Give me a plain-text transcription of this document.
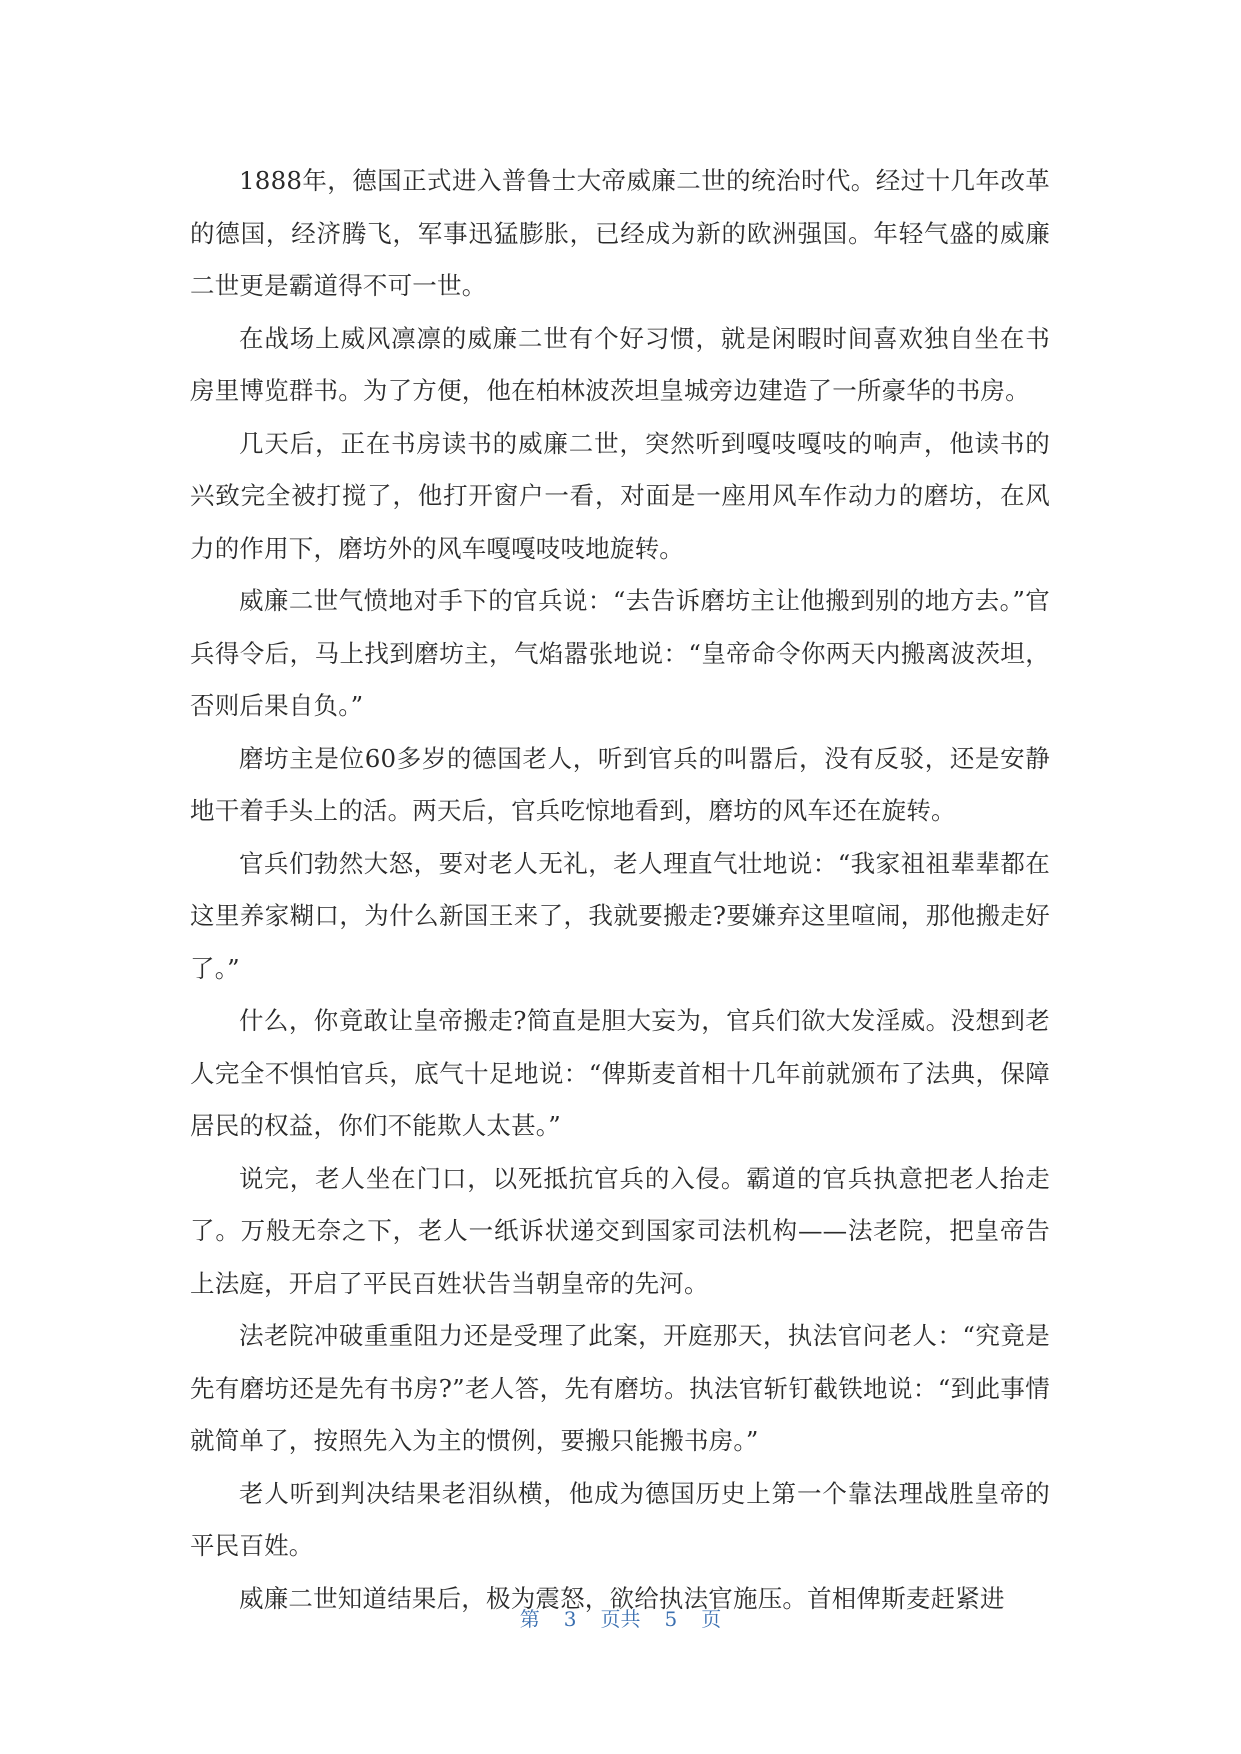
1888年，德国正式进入普鲁士大帝威廉二世的统治时代。经过十几年改革的德国，经济腾飞，军事迅猛膨胀，已经成为新的欧洲强国。年轻气盛的威廉二世更是霸道得不可一世。

在战场上威风凛凛的威廉二世有个好习惯，就是闲暇时间喜欢独自坐在书房里博览群书。为了方便，他在柏林波茨坦皇城旁边建造了一所豪华的书房。

几天后，正在书房读书的威廉二世，突然听到嘎吱嘎吱的响声，他读书的兴致完全被打搅了，他打开窗户一看，对面是一座用风车作动力的磨坊，在风力的作用下，磨坊外的风车嘎嘎吱吱地旋转。

威廉二世气愤地对手下的官兵说：“去告诉磨坊主让他搬到别的地方去。”官兵得令后，马上找到磨坊主，气焰嚣张地说：“皇帝命令你两天内搬离波茨坦，否则后果自负。”

磨坊主是位60多岁的德国老人，听到官兵的叫嚣后，没有反驳，还是安静地干着手头上的活。两天后，官兵吃惊地看到，磨坊的风车还在旋转。

官兵们勃然大怒，要对老人无礼，老人理直气壮地说：“我家祖祖辈辈都在这里养家糊口，为什么新国王来了，我就要搬走?要嫌弃这里喧闹，那他搬走好了。”

什么，你竟敢让皇帝搬走?简直是胆大妄为，官兵们欲大发淫威。没想到老人完全不惧怕官兵，底气十足地说：“俾斯麦首相十几年前就颁布了法典，保障居民的权益，你们不能欺人太甚。”

说完，老人坐在门口，以死抵抗官兵的入侵。霸道的官兵执意把老人抬走了。万般无奈之下，老人一纸诉状递交到国家司法机构——法老院，把皇帝告上法庭，开启了平民百姓状告当朝皇帝的先河。

法老院冲破重重阻力还是受理了此案，开庭那天，执法官问老人：“究竟是先有磨坊还是先有书房?”老人答，先有磨坊。执法官斩钉截铁地说：“到此事情就简单了，按照先入为主的惯例，要搬只能搬书房。”

老人听到判决结果老泪纵横，他成为德国历史上第一个靠法理战胜皇帝的平民百姓。

威廉二世知道结果后，极为震怒，欲给执法官施压。首相俾斯麦赶紧进

第 3 页共 5 页
